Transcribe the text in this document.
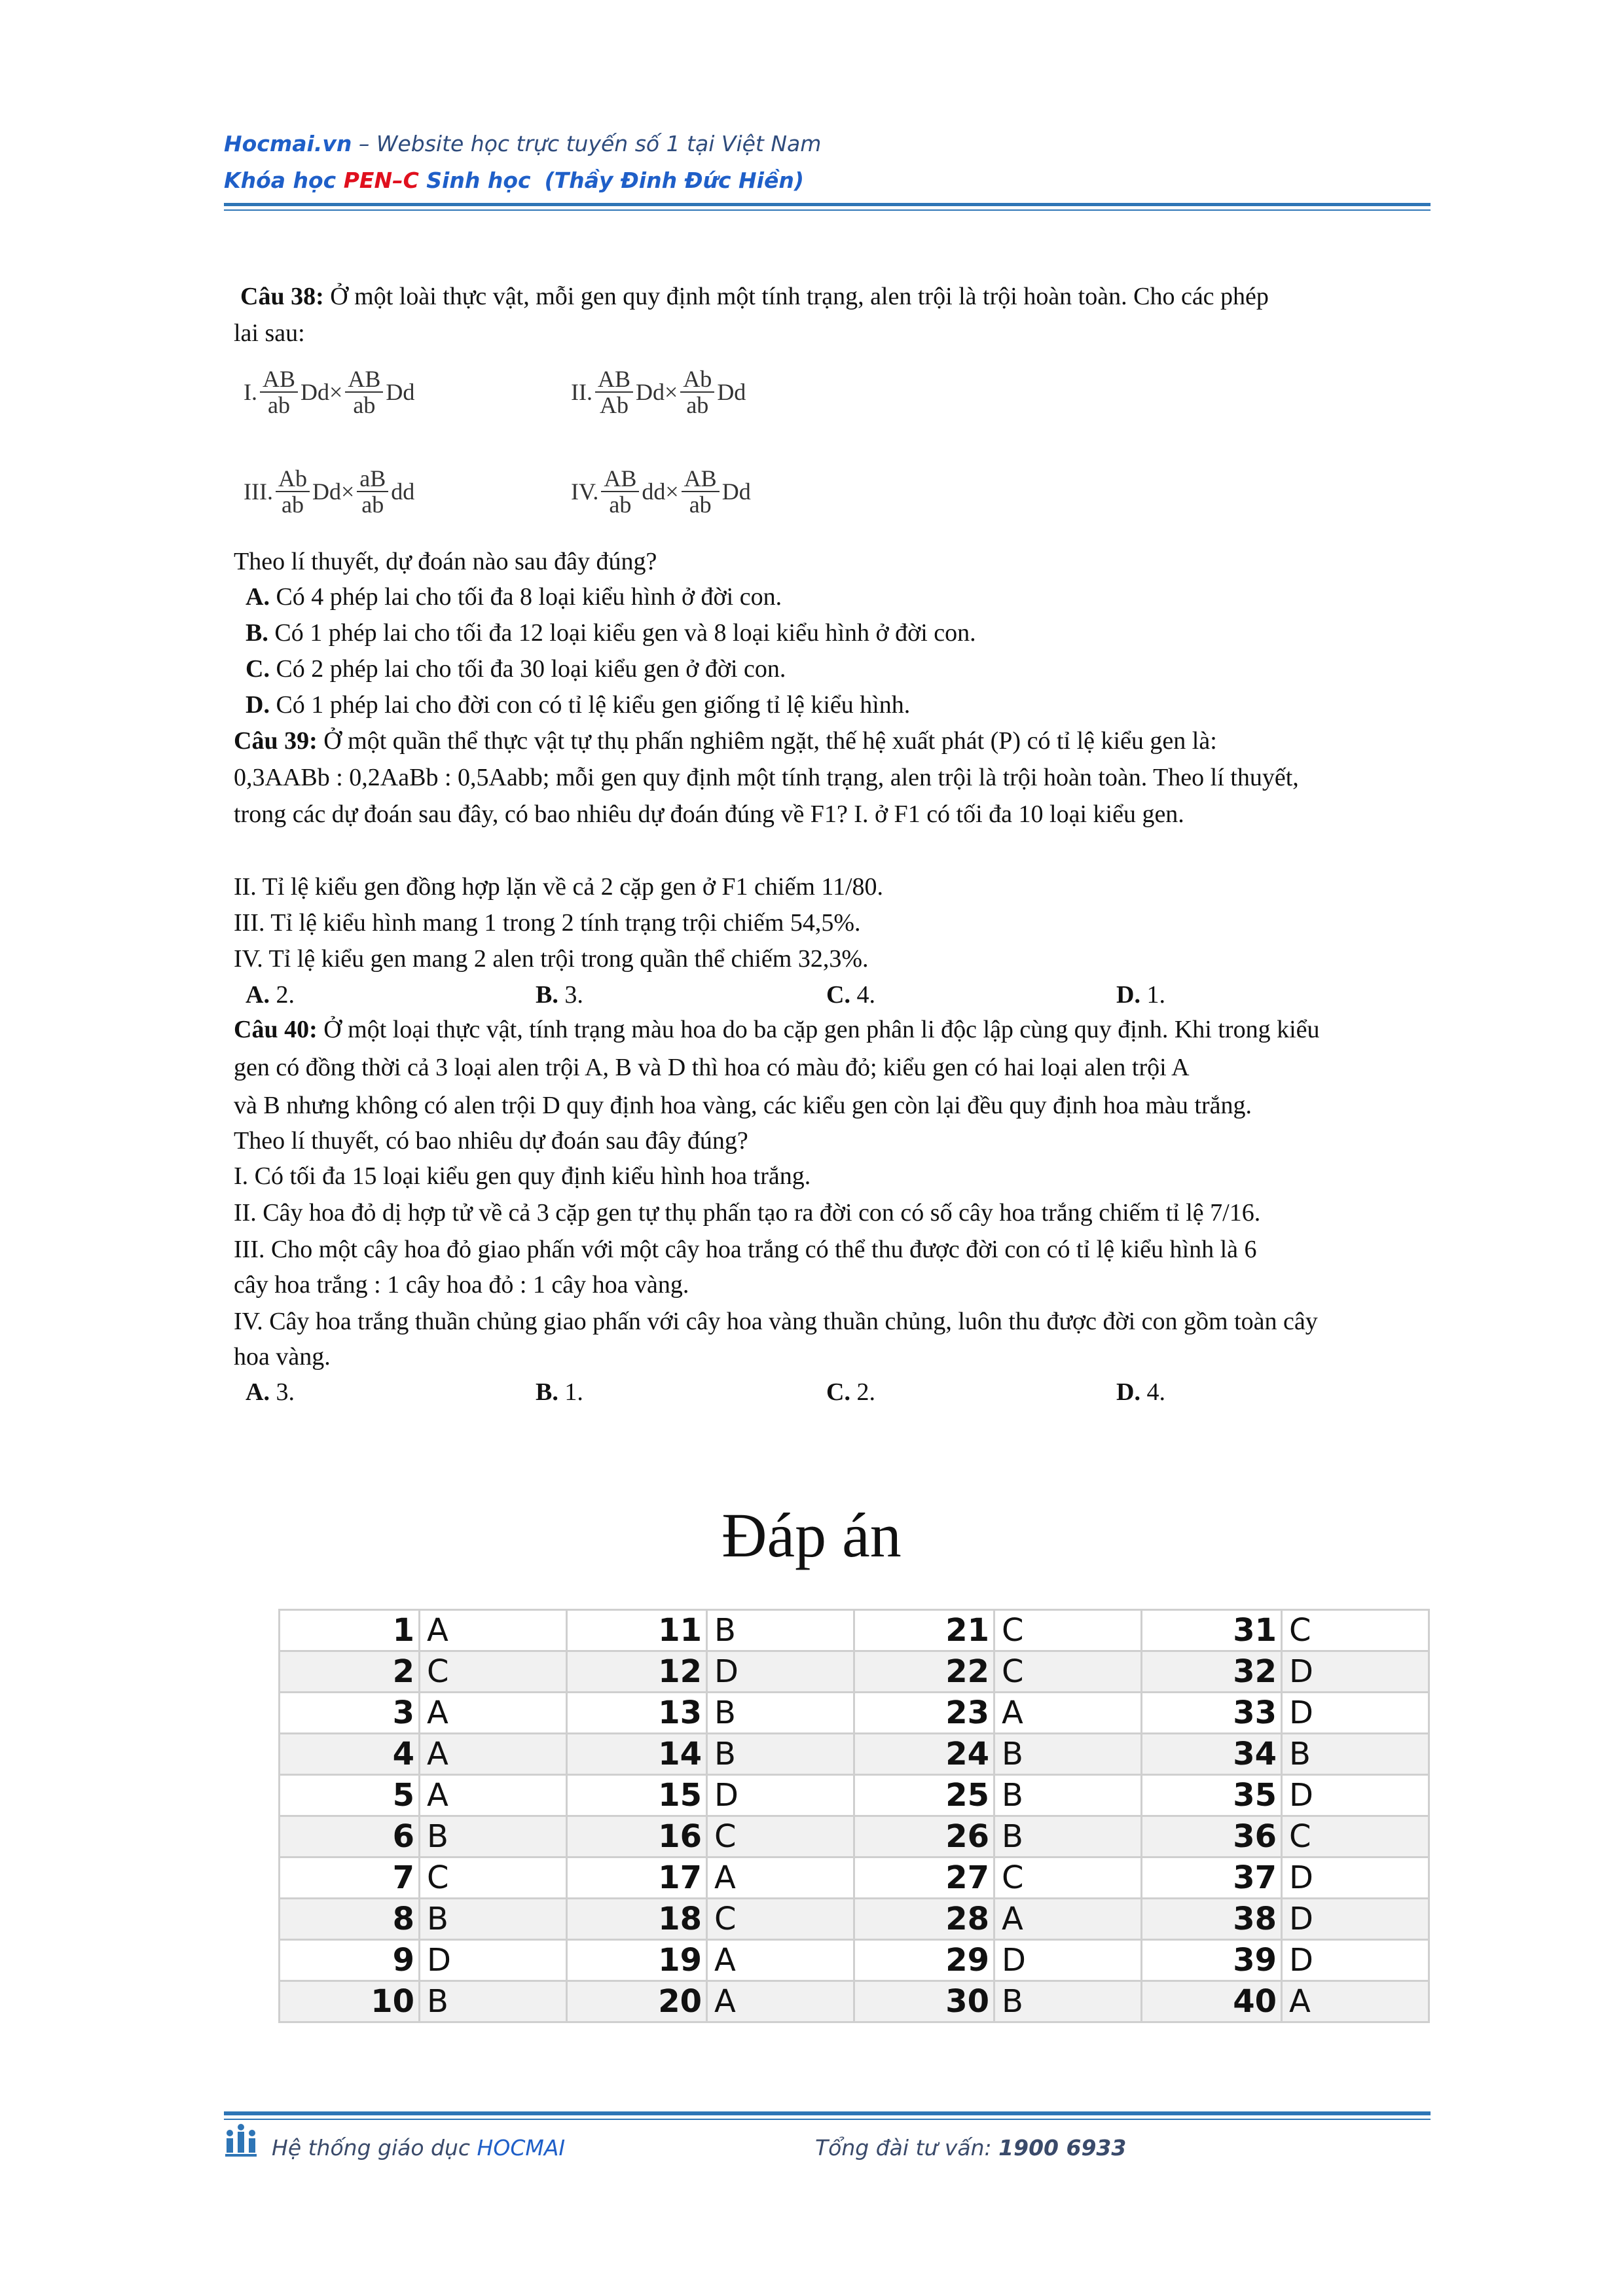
Hocmai.vn – Website học trực tuyến số 1 tại Việt Nam
Khóa học PEN–C Sinh học (Thầy Đinh Đức Hiền)
Câu 38: Ở một loài thực vật, mỗi gen quy định một tính trạng, alen trội là trội hoàn toàn. Cho các phép
lai sau:
I. $\frac{AB}{ab}$ $Dd \times \frac{AB}{ab}$ Dd	II. $\frac{AB}{Ab}$ $Dd \times \frac{Ab}{ab}$ Dd
III. $\frac{Ab}{ab}$ $Dd \times \frac{aB}{ab}$ dd	IV. $\frac{AB}{ab}$ dd × $\frac{AB}{ab}$ Dd
Theo lí thuyết, dự đoán nào sau đây đúng?
A. Có 4 phép lai cho tối đa 8 loại kiểu hình ở đời con.
B. Có 1 phép lai cho tối đa 12 loại kiểu gen và 8 loại kiểu hình ở đời con.
C. Có 2 phép lai cho tối đa 30 loại kiểu gen ở đời con.
D. Có 1 phép lai cho đời con có tỉ lệ kiểu gen giống tỉ lệ kiểu hình.
Câu 39: Ở một quần thể thực vật tự thụ phấn nghiêm ngặt, thế hệ xuất phát (P) có tỉ lệ kiểu gen là:
0,3AABb : 0,2AaBb : 0,5Aabb; mỗi gen quy định một tính trạng, alen trội là trội hoàn toàn. Theo lí thuyết,
trong các dự đoán sau đây, có bao nhiêu dự đoán đúng về F1? I. ở F1 có tối đa 10 loại kiểu gen.
II. Tỉ lệ kiểu gen đồng hợp lặn về cả 2 cặp gen ở F1 chiếm 11/80.
III. Tỉ lệ kiểu hình mang 1 trong 2 tính trạng trội chiếm 54,5%.
IV. Tỉ lệ kiểu gen mang 2 alen trội trong quần thể chiếm 32,3%.
A. 2.	B. 3.	C. 4.	D. 1.
Câu 40: Ở một loại thực vật, tính trạng màu hoa do ba cặp gen phân li độc lập cùng quy định. Khi trong kiểu
gen có đồng thời cả 3 loại alen trội A, B và D thì hoa có màu đỏ; kiểu gen có hai loại alen trội A
và B nhưng không có alen trội D quy định hoa vàng, các kiểu gen còn lại đều quy định hoa màu trắng.
Theo lí thuyết, có bao nhiêu dự đoán sau đây đúng?
I. Có tối đa 15 loại kiểu gen quy định kiểu hình hoa trắng.
II. Cây hoa đỏ dị hợp tử về cả 3 cặp gen tự thụ phấn tạo ra đời con có số cây hoa trắng chiếm tỉ lệ 7/16.
III. Cho một cây hoa đỏ giao phấn với một cây hoa trắng có thể thu được đời con có tỉ lệ kiểu hình là 6
cây hoa trắng : 1 cây hoa đỏ : 1 cây hoa vàng.
IV. Cây hoa trắng thuần chủng giao phấn với cây hoa vàng thuần chủng, luôn thu được đời con gồm toàn cây
hoa vàng.
A. 3.	B. 1.	C. 2.	D. 4.
Đáp án
1	A	11	B	21	C	31	C
2	C	12	D	22	C	32	D
3	A	13	B	23	A	33	D
4	A	14	B	24	B	34	B
5	A	15	D	25	B	35	D
6	B	16	C	26	B	36	C
7	C	17	A	27	C	37	D
8	B	18	C	28	A	38	D
9	D	19	A	29	D	39	D
10	B	20	A	30	B	40	A
Hệ thống giáo dục HOCMAI	Tổng đài tư vấn: 1900 6933
